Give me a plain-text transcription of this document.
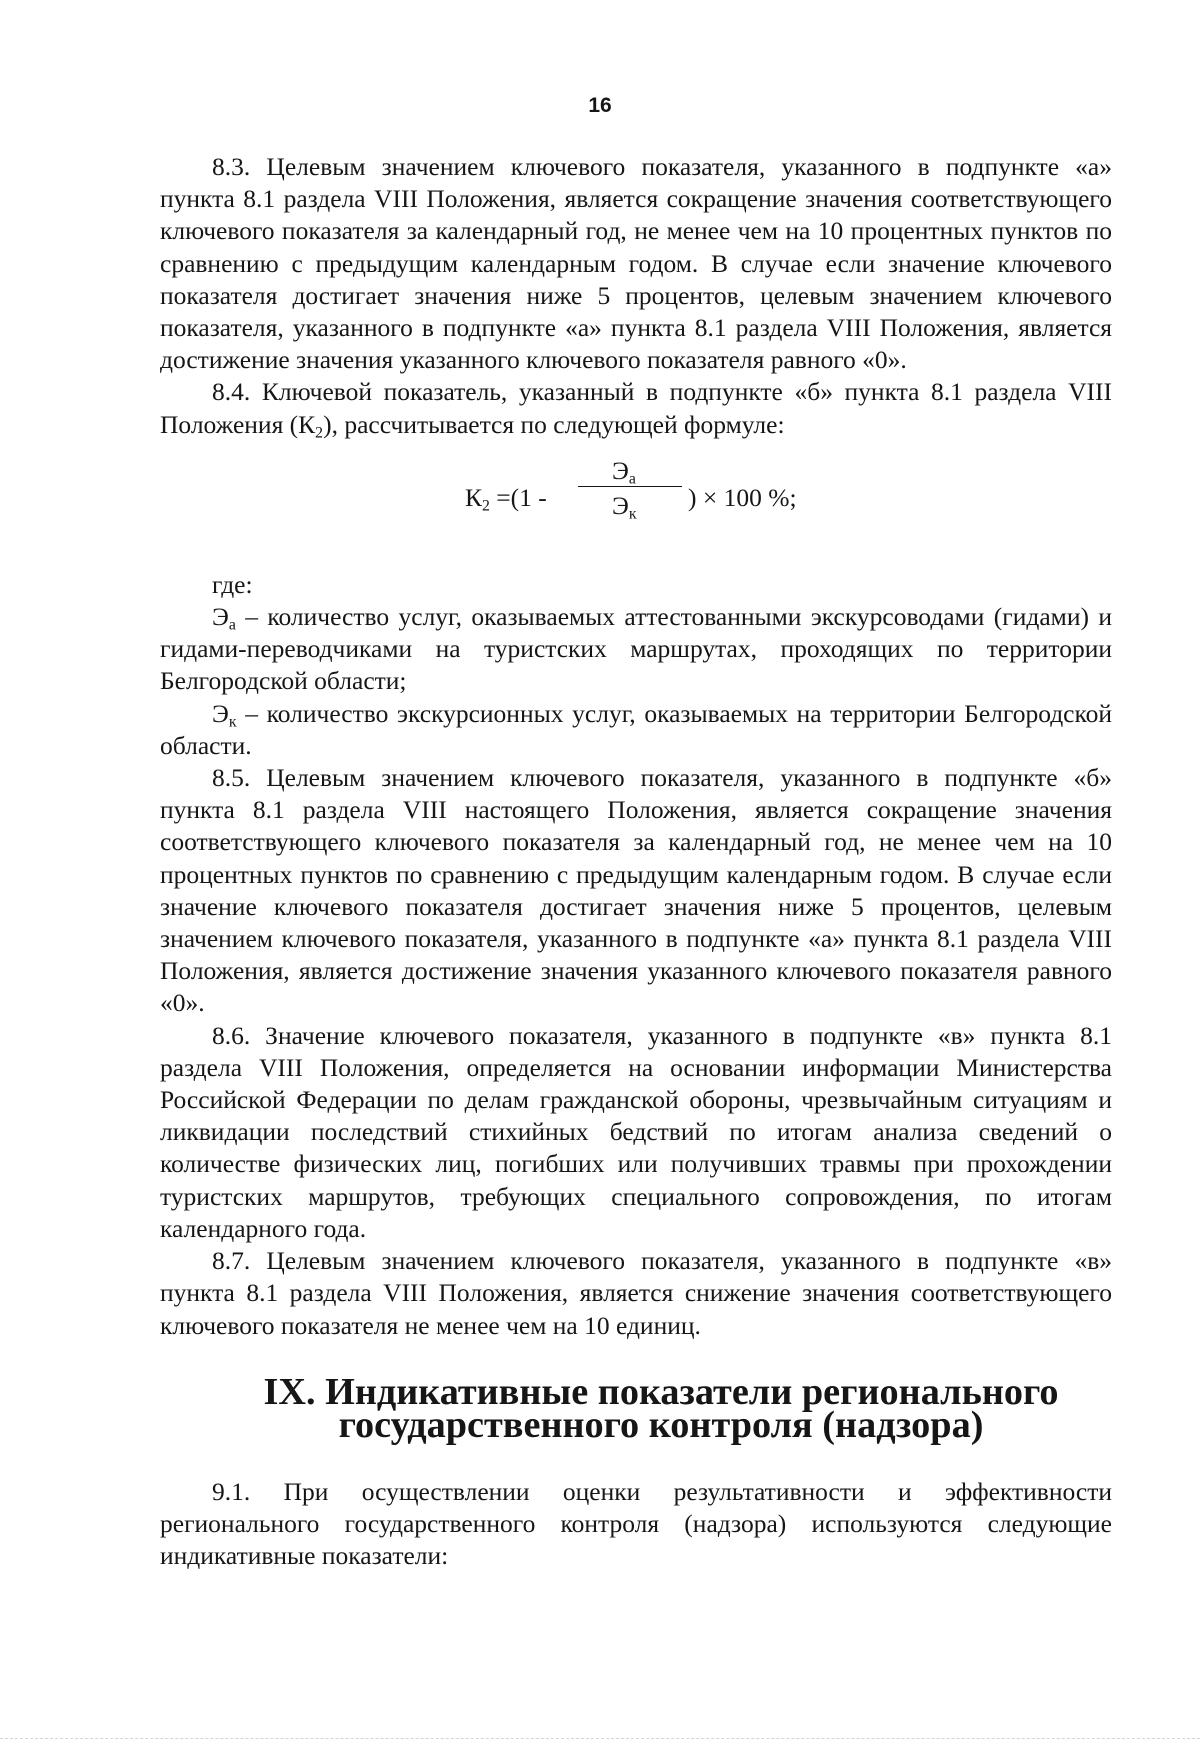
16

8.3. Целевым значением ключевого показателя, указанного в подпункте «а» пункта 8.1 раздела VIII Положения, является сокращение значения соответствующего ключевого показателя за календарный год, не менее чем на 10 процентных пунктов по сравнению с предыдущим календарным годом. В случае если значение ключевого показателя достигает значения ниже 5 процентов, целевым значением ключевого показателя, указанного в подпункте «а» пункта 8.1 раздела VIII Положения, является достижение значения указанного ключевого показателя равного «0».

8.4. Ключевой показатель, указанный в подпункте «б» пункта 8.1 раздела VIII Положения $(К_2)$, рассчитывается по следующей формуле:

$К_2 =(1$ -
$Э_а$
$Э_к$
) × 100 %;

где:

$Э_а$ – количество услуг, оказываемых аттестованными экскурсоводами (гидами) и гидами-переводчиками на туристских маршрутах, проходящих по территории Белгородской области;

$Э_к$ – количество экскурсионных услуг, оказываемых на территории Белгородской области.

8.5. Целевым значением ключевого показателя, указанного в подпункте «б» пункта 8.1 раздела VIII настоящего Положения, является сокращение значения соответствующего ключевого показателя за календарный год, не менее чем на 10 процентных пунктов по сравнению с предыдущим календарным годом. В случае если значение ключевого показателя достигает значения ниже 5 процентов, целевым значением ключевого показателя, указанного в подпункте «а» пункта 8.1 раздела VIII Положения, является достижение значения указанного ключевого показателя равного «0».

8.6. Значение ключевого показателя, указанного в подпункте «в» пункта 8.1 раздела VIII Положения, определяется на основании информации Министерства Российской Федерации по делам гражданской обороны, чрезвычайным ситуациям и ликвидации последствий стихийных бедствий по итогам анализа сведений о количестве физических лиц, погибших или получивших травмы при прохождении туристских маршрутов, требующих специального сопровождения, по итогам календарного года.

8.7. Целевым значением ключевого показателя, указанного в подпункте «в» пункта 8.1 раздела VIII Положения, является снижение значения соответствующего ключевого показателя не менее чем на 10 единиц.

IX. Индикативные показатели регионального государственного контроля (надзора)

9.1. При осуществлении оценки результативности и эффективности регионального государственного контроля (надзора) используются следующие индикативные показатели:
